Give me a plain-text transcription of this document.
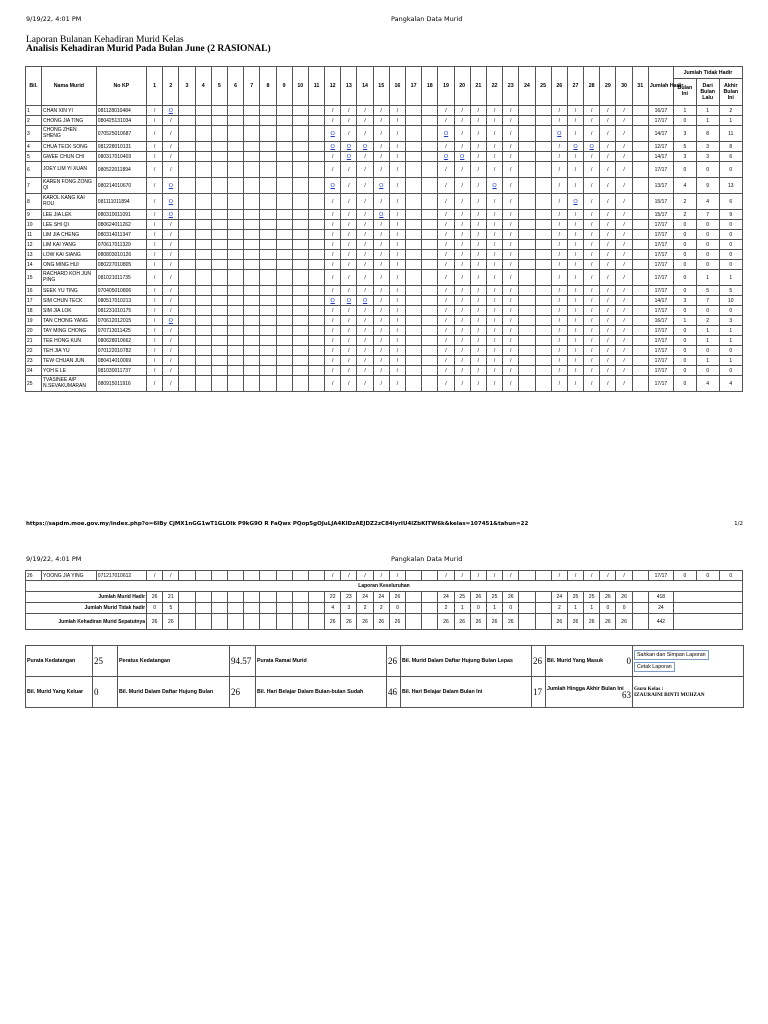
9/19/22, 4:01 PM	Pangkalan Data Murid
Laporan Bulanan Kehadiran Murid Kelas
Analisis Kehadiran Murid Pada Bulan June (2 RASIONAL)
Bil.	Nama Murid	No KP	1	2	3	4	5	6	7	8	9	10	11	12	13	14	15	16	17	18	19	20	21	22	23	24	25	26	27	28	29	30	31	Jumlah Hadir	Jumlah Tidak Hadir		
																																			Bulan Ini	Dari Bulan Lalu	Akhir Bulan Ini
1	CHAN XIN YI	081128010484	/	O										/	/	/	/	/			/	/	/	/	/			/	/	/	/	/		16/17	1	1	2
2	CHONG JIA TING	080425131034	/	/										/	/	/	/	/			/	/	/	/	/			/	/	/	/	/		17/17	0	1	1
3	CHONG ZHEN SHENG	070525010687	/	/										O	/	/	/	/			O	/	/	/	/			O	/	/	/	/		14/17	3	8	11
4	CHUA TECK SONG	081228010131	/	/										O	O	O	/	/			/	/	/	/	/			/	O	O	/	/		12/17	5	3	8
5	GWEE CHUN CHI	080317010403	/	/										/	O	/	/	/			O	O	/	/	/			/	/	/	/	/		14/17	3	3	6
6	JOEY LIM YI XUAN	080522011894	/	/										/	/	/	/	/			/	/	/	/	/			/	/	/	/	/		17/17	0	0	0
7	KAREN FONG ZONG QI	080214010670	/	O										O	/	/	O	/			/	/	/	O	/			/	/	/	/	/		13/17	4	9	13
8	KAROL KANG KAI ROU	081111011894	/	O										/	/	/	/	/			/	/	/	/	/			/	O	/	/	/		15/17	2	4	6
9	LEE JIA LEK	080310011091	/	O										/	/	/	O	/			/	/	/	/	/			/	/	/	/	/		15/17	2	7	9
10	LEE SHI QI	080624011262	/	/										/	/	/	/	/			/	/	/	/	/			/	/	/	/	/		17/17	0	0	0
11	LIM JIA CHENG	080314011347	/	/										/	/	/	/	/			/	/	/	/	/			/	/	/	/	/		17/17	0	0	0
12	LIM KAI YANG	070617011329	/	/										/	/	/	/	/			/	/	/	/	/			/	/	/	/	/		17/17	0	0	0
13	LOW KAI SIANG	080803010126	/	/										/	/	/	/	/			/	/	/	/	/			/	/	/	/	/		17/17	0	0	0
14	ONG MING HUI	080227010805	/	/										/	/	/	/	/			/	/	/	/	/			/	/	/	/	/		17/17	0	0	0
15	RACHARD KOH JUN PING	081021011735	/	/										/	/	/	/	/			/	/	/	/	/			/	/	/	/	/		17/17	0	1	1
16	SEEK YU TING	070405010806	/	/										/	/	/	/	/			/	/	/	/	/			/	/	/	/	/		17/17	0	5	5
17	SIM CHUN TECK	080517010213	/	/										O	O	O	/	/			/	/	/	/	/			/	/	/	/	/		14/17	3	7	10
18	SIM JIA LOK	081231010175	/	/										/	/	/	/	/			/	/	/	/	/			/	/	/	/	/		17/17	0	0	0
19	TAN CHONG YANG	070612012015	/	O										/	/	/	/	/			/	/	/	/	/			/	/	/	/	/		16/17	1	2	3
20	TAY MING CHONG	070713011425	/	/										/	/	/	/	/			/	/	/	/	/			/	/	/	/	/		17/17	0	1	1
21	TEE HONG KUN	080628010662	/	/										/	/	/	/	/			/	/	/	/	/			/	/	/	/	/		17/17	0	1	1
22	TEH JIA YU	070122010782	/	/										/	/	/	/	/			/	/	/	/	/			/	/	/	/	/		17/17	0	0	0
23	TEW CHUAN JUN	080414010069	/	/										/	/	/	/	/			/	/	/	/	/			/	/	/	/	/		17/17	0	1	1
24	YOH E LE	081030011737	/	/										/	/	/	/	/			/	/	/	/	/			/	/	/	/	/		17/17	0	0	0
25	TVASINEE A/P N.SEVAKUMARAN	080915011916	/	/										/	/	/	/	/			/	/	/	/	/			/	/	/	/	/		17/17	0	4	4
https://sapdm.moe.gov.my/index.php?o=6IBy CjMX1nGG1wT1GLOIk P9kG9O R FaQwx PQop5gOJuLJA4KIDzAEJDZ2zC84lyrIU4lZbKITW6k&kelas=107451&tahun=22	1/2
9/19/22, 4:01 PM	Pangkalan Data Murid
26	YOONG JIA YING	071217010612	/	/										/	/	/	/	/			/	/	/	/	/			/	/	/	/	/		17/17	0	0	0
Laporan Keseluruhan																																					
Jumlah Murid Hadir			26	21										22	23	24	24	26			24	25	26	25	26			24	25	25	26	26		418			
Jumlah Murid Tidak hadir			0	5										4	3	2	2	0			2	1	0	1	0			2	1	1	0	0		24			
Jumlah Kehadiran Murid Sepatutnya			26	26										26	26	26	26	26			26	26	26	26	26			26	26	26	26	26		442			
Purata Kedatangan	25	Peratus Kedatangan	94.57	Purata Ramai Murid	26	Bil. Murid Dalam Daftar Hujung Bulan Lepas	26	Bil. Murid Yang Masuk 0	Sahkan dan Simpan Laporan
Cetak Laporan
Bil. Murid Yang Keluar	0	Bil. Murid Dalam Daftar Hujung Bulan	26	Bil. Hari Belajar Dalam Bulan-bulan Sudah	46	Bil. Hari Belajar Dalam Bulan Ini	17	Jumlah Hingga Akhir Bulan Ini
63	Guru Kelas :
IZAURAINI BINTI MUHZAN
